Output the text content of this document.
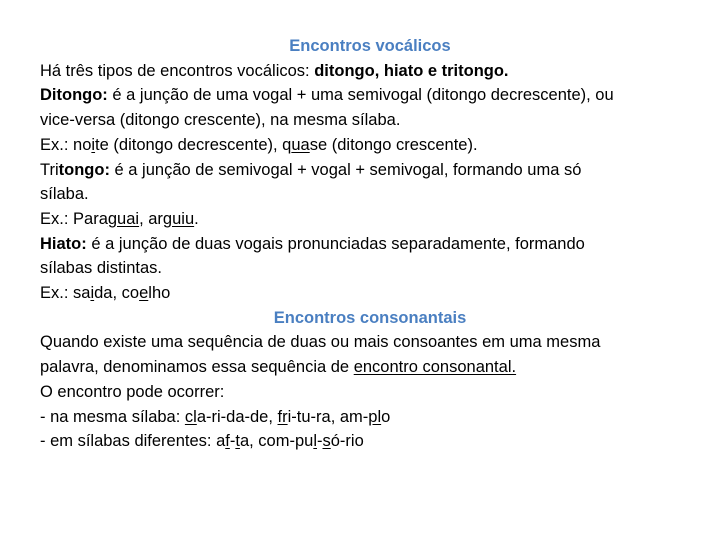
Encontros vocálicos
Há três tipos de encontros vocálicos: ditongo, hiato e tritongo.
Ditongo: é a junção de uma vogal + uma semivogal (ditongo decrescente), ou
vice-versa (ditongo crescente), na mesma sílaba.
Ex.: noite (ditongo decrescente), quase (ditongo crescente).
Tritongo: é a junção de semivogal + vogal + semivogal, formando uma só
sílaba.
Ex.: Paraguai, arguiu.
Hiato: é a junção de duas vogais pronunciadas separadamente, formando
sílabas distintas.
Ex.: saida, coelho
Encontros consonantais
Quando existe uma sequência de duas ou mais consoantes em uma mesma
palavra, denominamos essa sequência de encontro consonantal.
O encontro pode ocorrer:
- na mesma sílaba: cla-ri-da-de, fri-tu-ra, am-plo
- em sílabas diferentes: af-ta, com-pul-só-rio
